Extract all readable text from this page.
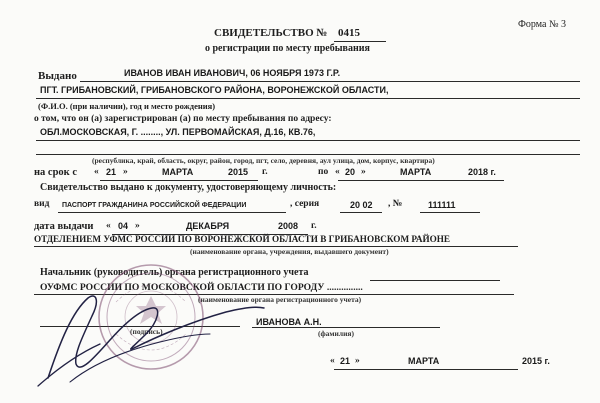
Форма № 3
СВИДЕТЕЛЬСТВО № 0415
о регистрации по месту пребывания
Выдано	ИВАНОВ ИВАН ИВАНОВИЧ, 06 НОЯБРЯ 1973 Г.Р.
ПГТ. ГРИБАНОВСКИЙ, ГРИБАНОВСКОГО РАЙОНА, ВОРОНЕЖСКОЙ ОБЛАСТИ,
(Ф.И.О. (при наличии), год и место рождения)
о том, что он (а) зарегистрирован (а) по месту пребывания по адресу:
ОБЛ.МОСКОВСКАЯ, Г. ........, УЛ. ПЕРВОМАЙСКАЯ, Д.16, КВ.76,
(республика, край, область, округ, район, город, пгт, село, деревня, аул улица, дом, корпус, квартира)
на срок с « 21 »	МАРТА	2015 г.	по « 20 »	МАРТА	2018 г.
Свидетельство выдано к документу, удостоверяющему личность:
вид ПАСПОРТ ГРАЖДАНИНА РОССИЙСКОЙ ФЕДЕРАЦИИ	, серия	20 02 , №	111111
дата выдачи « 04 »	ДЕКАБРЯ	2008 г.
ОТДЕЛЕНИЕМ УФМС РОССИИ ПО ВОРОНЕЖСКОЙ ОБЛАСТИ В ГРИБАНОВСКОМ РАЙОНЕ
(наименование органа, учреждения, выдавшего документ)
Начальник (руководитель) органа регистрационного учета
ОУФМС РОССИИ ПО МОСКОВСКОЙ ОБЛАСТИ ПО ГОРОДУ ...............
(наименование органа регистрационного учета)
(подпись)
ИВАНОВА А.Н.
(фамилия)
« 21 »	МАРТА	2015 г.
